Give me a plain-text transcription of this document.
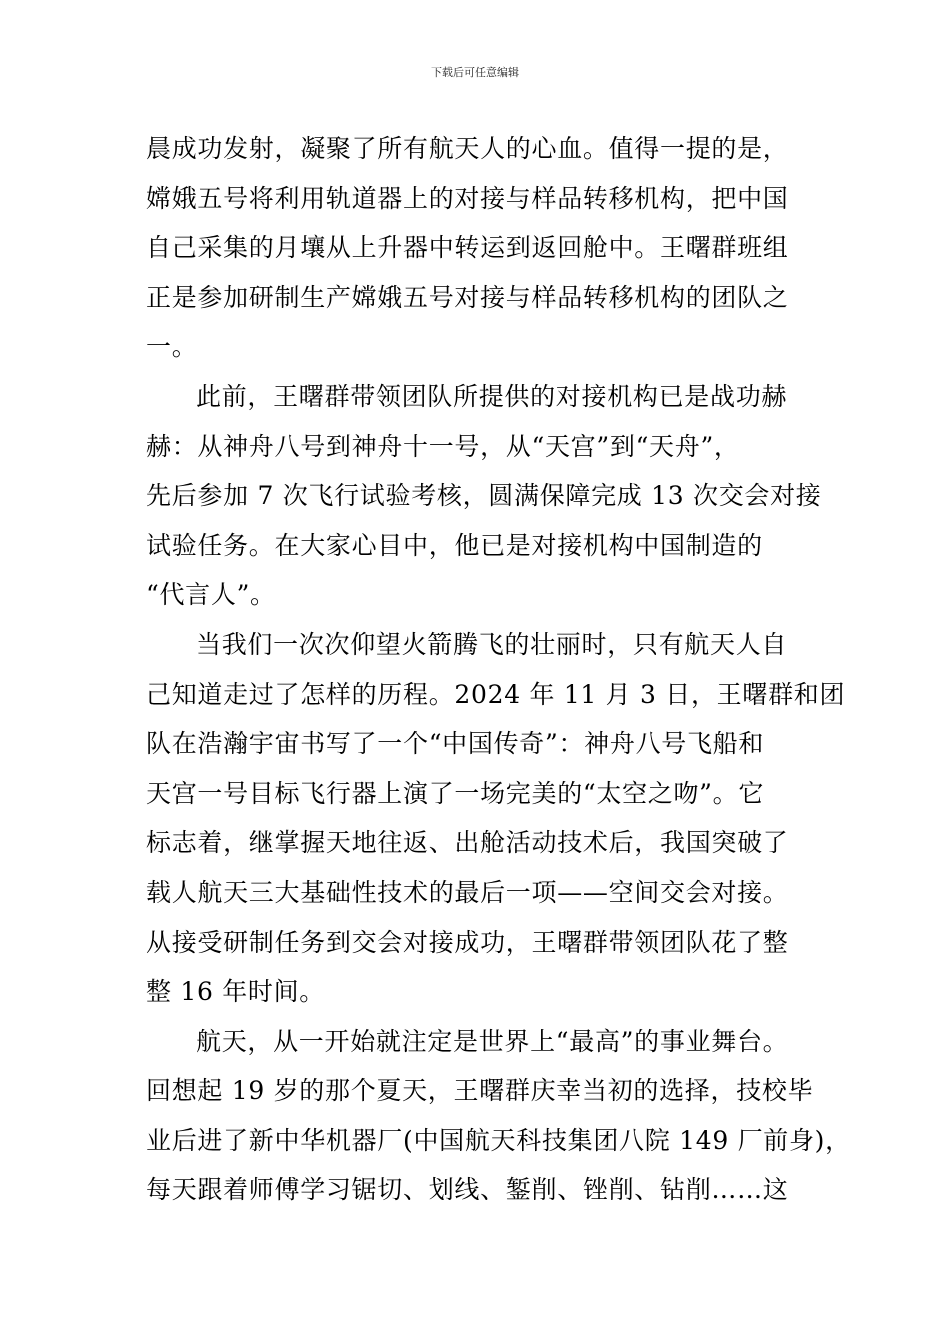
下载后可任意编辑
晨成功发射，凝聚了所有航天人的心血。值得一提的是，
嫦娥五号将利用轨道器上的对接与样品转移机构，把中国
自己采集的月壤从上升器中转运到返回舱中。王曙群班组
正是参加研制生产嫦娥五号对接与样品转移机构的团队之
一。
此前，王曙群带领团队所提供的对接机构已是战功赫
赫：从神舟八号到神舟十一号，从“天宫”到“天舟”，
先后参加 7 次飞行试验考核，圆满保障完成 13 次交会对接
试验任务。在大家心目中，他已是对接机构中国制造的
“代言人”。
当我们一次次仰望火箭腾飞的壮丽时，只有航天人自
己知道走过了怎样的历程。2024 年 11 月 3 日，王曙群和团
队在浩瀚宇宙书写了一个“中国传奇”：神舟八号飞船和
天宫一号目标飞行器上演了一场完美的“太空之吻”。它
标志着，继掌握天地往返、出舱活动技术后，我国突破了
载人航天三大基础性技术的最后一项——空间交会对接。
从接受研制任务到交会对接成功，王曙群带领团队花了整
整 16 年时间。
航天，从一开始就注定是世界上“最高”的事业舞台。
回想起 19 岁的那个夏天，王曙群庆幸当初的选择，技校毕
业后进了新中华机器厂(中国航天科技集团八院 149 厂前身)，
每天跟着师傅学习锯切、划线、錾削、锉削、钻削……这
